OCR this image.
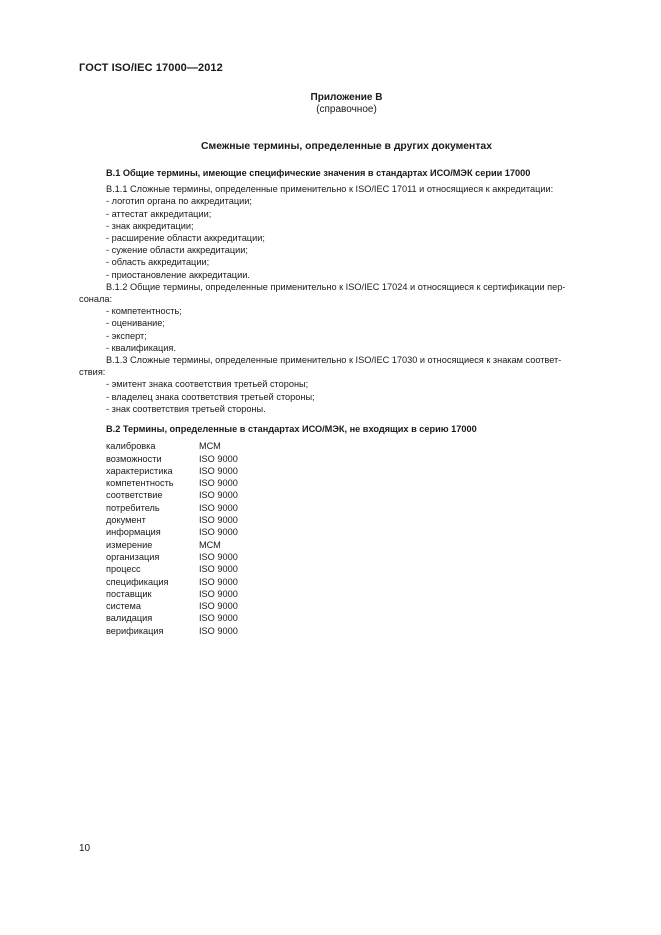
ГОСТ ISO/IEC 17000—2012
Приложение В
(справочное)
Смежные термины, определенные в других документах
В.1 Общие термины, имеющие специфические значения в стандартах ИСО/МЭК серии 17000
В.1.1 Сложные термины, определенные применительно к ISO/IEC 17011 и относящиеся к аккредитации:
- логотип органа по аккредитации;
- аттестат аккредитации;
- знак аккредитации;
- расширение области аккредитации;
- сужение области аккредитации;
- область аккредитации;
- приостановление аккредитации.
В.1.2 Общие термины, определенные применительно к ISO/IEC 17024 и относящиеся к сертификации пер-
сонала:
- компетентность;
- оценивание;
- эксперт;
- квалификация.
В.1.3 Сложные термины, определенные применительно к ISO/IEC 17030 и относящиеся к знакам соответ-
ствия:
- эмитент знака соответствия третьей стороны;
- владелец знака соответствия третьей стороны;
- знак соответствия третьей стороны.
В.2 Термины, определенные в стандартах ИСО/МЭК, не входящих в серию 17000
калибровка	МСМ
возможности	ISO 9000
характеристика	ISO 9000
компетентность	ISO 9000
соответствие	ISO 9000
потребитель	ISO 9000
документ	ISO 9000
информация	ISO 9000
измерение	МСМ
организация	ISO 9000
процесс	ISO 9000
спецификация	ISO 9000
поставщик	ISO 9000
система	ISO 9000
валидация	ISO 9000
верификация	ISO 9000
10
